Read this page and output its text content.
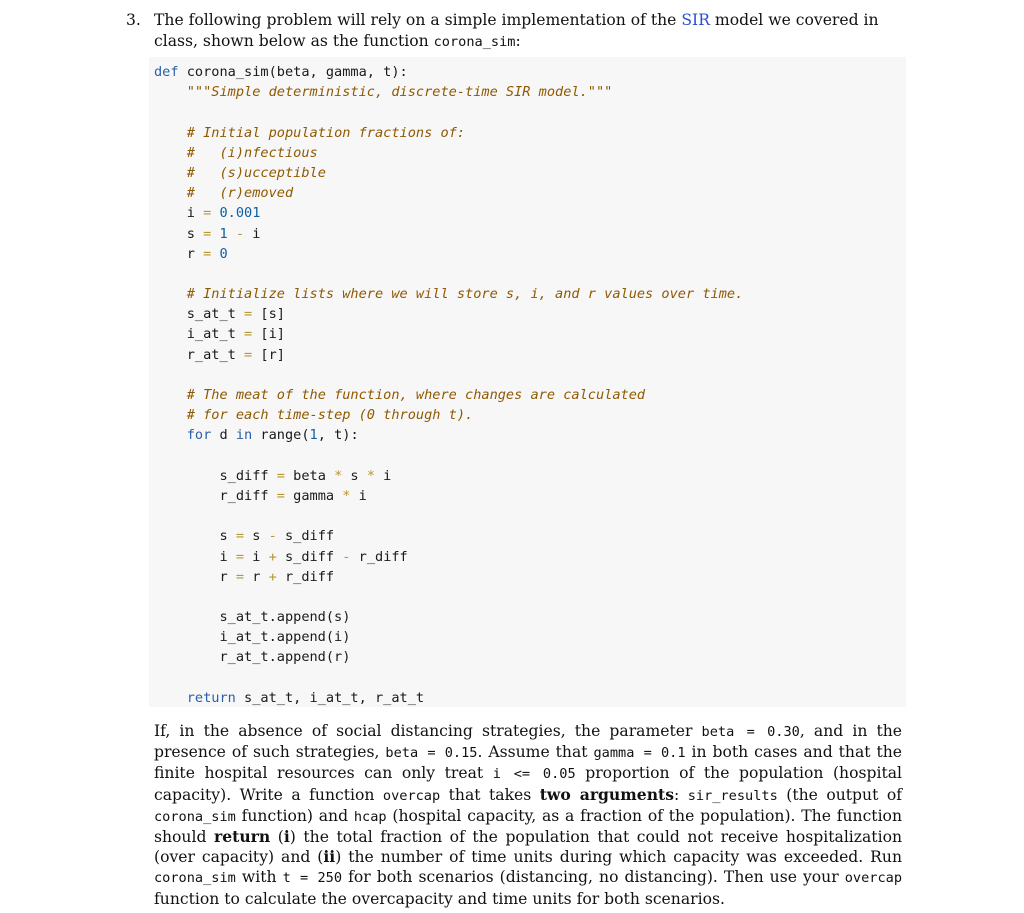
3. The following problem will rely on a simple implementation of the SIR model we covered in class, shown below as the function corona_sim:
def corona_sim(beta, gamma, t):
"""Simple deterministic, discrete-time SIR model."""
# Initial population fractions of:
#   (i)nfectious
#   (s)ucceptible
#   (r)emoved
i = 0.001
s = 1 - i
r = 0
# Initialize lists where we will store s, i, and r values over time.
s_at_t = [s]
i_at_t = [i]
r_at_t = [r]
# The meat of the function, where changes are calculated
# for each time-step (0 through t).
for d in range(1, t):
s_diff = beta * s * i
r_diff = gamma * i
s = s - s_diff
i = i + s_diff - r_diff
r = r + r_diff
s_at_t.append(s)
i_at_t.append(i)
r_at_t.append(r)
return s_at_t, i_at_t, r_at_t
If, in the absence of social distancing strategies, the parameter beta = 0.30, and in the presence of such strategies, beta = 0.15. Assume that gamma = 0.1 in both cases and that the finite hospital resources can only treat i <= 0.05 proportion of the population (hospital capacity). Write a function overcap that takes two arguments: sir_results (the output of corona_sim function) and hcap (hospital capacity, as a fraction of the population). The function should return (i) the total fraction of the population that could not receive hospitalization (over capacity) and (ii) the number of time units during which capacity was exceeded. Run corona_sim with t = 250 for both scenarios (distancing, no distancing). Then use your overcap function to calculate the overcapacity and time units for both scenarios.
